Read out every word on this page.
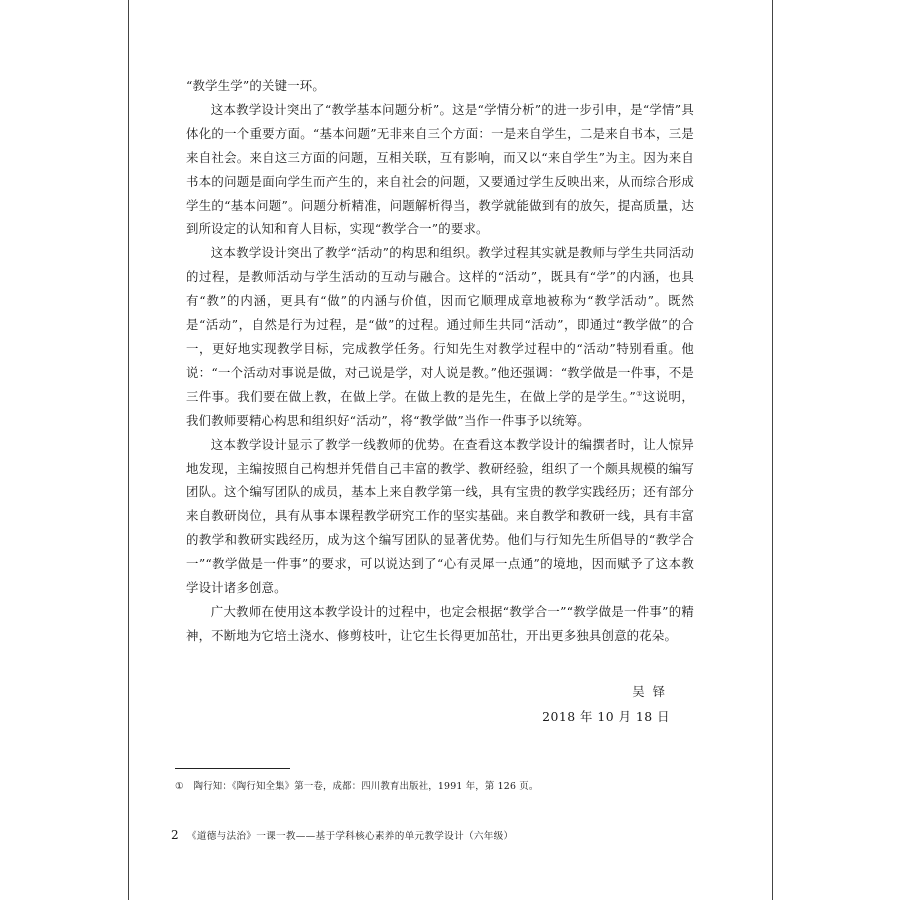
“教学生学”的关键一环。

这本教学设计突出了“教学基本问题分析”。这是“学情分析”的进一步引申，是“学情”具体化的一个重要方面。“基本问题”无非来自三个方面：一是来自学生，二是来自书本，三是来自社会。来自这三方面的问题，互相关联，互有影响，而又以“来自学生”为主。因为来自书本的问题是面向学生而产生的，来自社会的问题，又要通过学生反映出来，从而综合形成学生的“基本问题”。问题分析精准，问题解析得当，教学就能做到有的放矢，提高质量，达到所设定的认知和育人目标，实现“教学合一”的要求。

这本教学设计突出了教学“活动”的构思和组织。教学过程其实就是教师与学生共同活动的过程，是教师活动与学生活动的互动与融合。这样的“活动”，既具有“学”的内涵，也具有“教”的内涵，更具有“做”的内涵与价值，因而它顺理成章地被称为“教学活动”。既然是“活动”，自然是行为过程，是“做”的过程。通过师生共同“活动”，即通过“教学做”的合一，更好地实现教学目标，完成教学任务。行知先生对教学过程中的“活动”特别看重。他说：“一个活动对事说是做，对己说是学，对人说是教。”他还强调：“教学做是一件事，不是三件事。我们要在做上教，在做上学。在做上教的是先生，在做上学的是学生。”①这说明，我们教师要精心构思和组织好“活动”，将“教学做”当作一件事予以统筹。

这本教学设计显示了教学一线教师的优势。在查看这本教学设计的编撰者时，让人惊异地发现，主编按照自己构想并凭借自己丰富的教学、教研经验，组织了一个颇具规模的编写团队。这个编写团队的成员，基本上来自教学第一线，具有宝贵的教学实践经历；还有部分来自教研岗位，具有从事本课程教学研究工作的坚实基础。来自教学和教研一线，具有丰富的教学和教研实践经历，成为这个编写团队的显著优势。他们与行知先生所倡导的“教学合一”“教学做是一件事”的要求，可以说达到了“心有灵犀一点通”的境地，因而赋予了这本教学设计诸多创意。

广大教师在使用这本教学设计的过程中，也定会根据“教学合一”“教学做是一件事”的精神，不断地为它培土浇水、修剪枝叶，让它生长得更加茁壮，开出更多独具创意的花朵。

吴铎
2018 年 10 月 18 日
① 陶行知：《陶行知全集》第一卷，成都：四川教育出版社，1991 年，第 126 页。
2 《道德与法治》一课一教——基于学科核心素养的单元教学设计（六年级）
